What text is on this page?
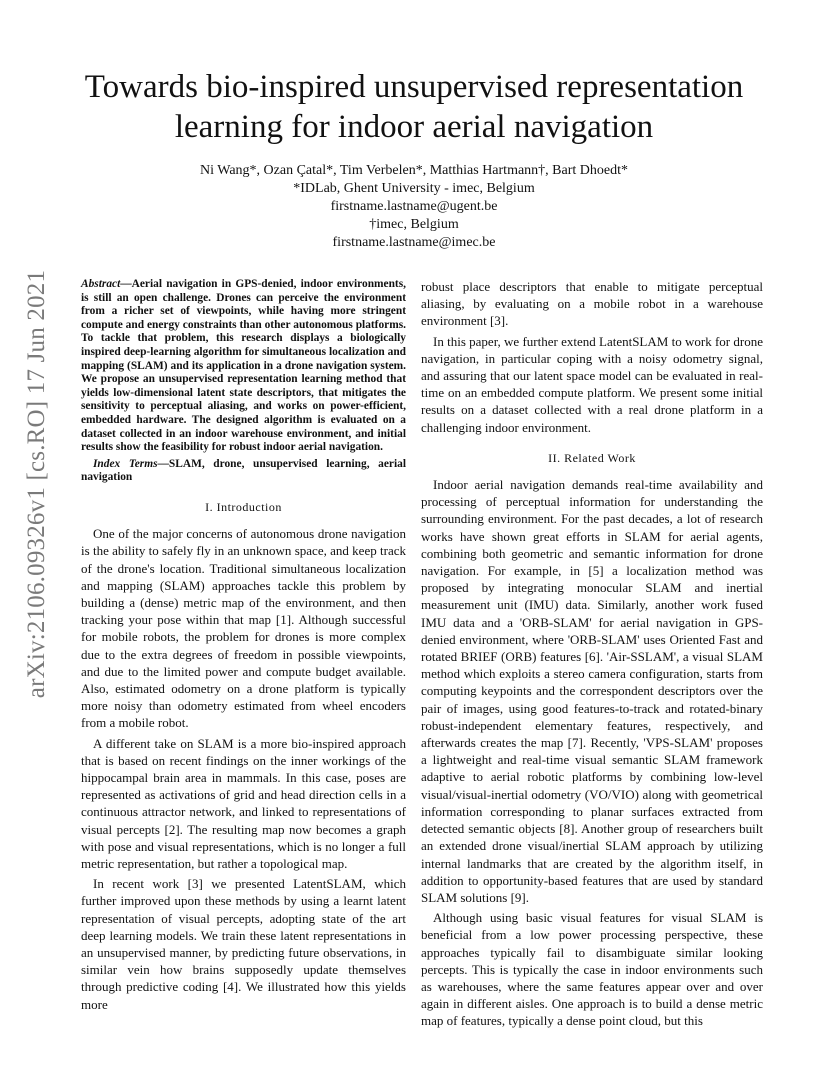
arXiv:2106.09326v1 [cs.RO] 17 Jun 2021
Towards bio-inspired unsupervised representation learning for indoor aerial navigation
Ni Wang*, Ozan Çatal*, Tim Verbelen*, Matthias Hartmann†, Bart Dhoedt*
*IDLab, Ghent University - imec, Belgium
firstname.lastname@ugent.be
†imec, Belgium
firstname.lastname@imec.be

Abstract—Aerial navigation in GPS-denied, indoor environments, is still an open challenge. Drones can perceive the environment from a richer set of viewpoints, while having more stringent compute and energy constraints than other autonomous platforms. To tackle that problem, this research displays a biologically inspired deep-learning algorithm for simultaneous localization and mapping (SLAM) and its application in a drone navigation system. We propose an unsupervised representation learning method that yields low-dimensional latent state descriptors, that mitigates the sensitivity to perceptual aliasing, and works on power-efficient, embedded hardware. The designed algorithm is evaluated on a dataset collected in an indoor warehouse environment, and initial results show the feasibility for robust indoor aerial navigation.

Index Terms—SLAM, drone, unsupervised learning, aerial navigation

I. Introduction

One of the major concerns of autonomous drone navigation is the ability to safely fly in an unknown space, and keep track of the drone's location. Traditional simultaneous localization and mapping (SLAM) approaches tackle this problem by building a (dense) metric map of the environment, and then tracking your pose within that map [1]. Although successful for mobile robots, the problem for drones is more complex due to the extra degrees of freedom in possible viewpoints, and due to the limited power and compute budget available. Also, estimated odometry on a drone platform is typically more noisy than odometry estimated from wheel encoders from a mobile robot.

A different take on SLAM is a more bio-inspired approach that is based on recent findings on the inner workings of the hippocampal brain area in mammals. In this case, poses are represented as activations of grid and head direction cells in a continuous attractor network, and linked to representations of visual percepts [2]. The resulting map now becomes a graph with pose and visual representations, which is no longer a full metric representation, but rather a topological map.

In recent work [3] we presented LatentSLAM, which further improved upon these methods by using a learnt latent representation of visual percepts, adopting state of the art deep learning models. We train these latent representations in an unsupervised manner, by predicting future observations, in similar vein how brains supposedly update themselves through predictive coding [4]. We illustrated how this yields more

robust place descriptors that enable to mitigate perceptual aliasing, by evaluating on a mobile robot in a warehouse environment [3].

In this paper, we further extend LatentSLAM to work for drone navigation, in particular coping with a noisy odometry signal, and assuring that our latent space model can be evaluated in real-time on an embedded compute platform. We present some initial results on a dataset collected with a real drone platform in a challenging indoor environment.

II. Related Work

Indoor aerial navigation demands real-time availability and processing of perceptual information for understanding the surrounding environment. For the past decades, a lot of research works have shown great efforts in SLAM for aerial agents, combining both geometric and semantic information for drone navigation. For example, in [5] a localization method was proposed by integrating monocular SLAM and inertial measurement unit (IMU) data. Similarly, another work fused IMU data and a 'ORB-SLAM' for aerial navigation in GPS-denied environment, where 'ORB-SLAM' uses Oriented Fast and rotated BRIEF (ORB) features [6]. 'Air-SSLAM', a visual SLAM method which exploits a stereo camera configuration, starts from computing keypoints and the correspondent descriptors over the pair of images, using good features-to-track and rotated-binary robust-independent elementary features, respectively, and afterwards creates the map [7]. Recently, 'VPS-SLAM' proposes a lightweight and real-time visual semantic SLAM framework adaptive to aerial robotic platforms by combining low-level visual/visual-inertial odometry (VO/VIO) along with geometrical information corresponding to planar surfaces extracted from detected semantic objects [8]. Another group of researchers built an extended drone visual/inertial SLAM approach by utilizing internal landmarks that are created by the algorithm itself, in addition to opportunity-based features that are used by standard SLAM solutions [9].

Although using basic visual features for visual SLAM is beneficial from a low power processing perspective, these approaches typically fail to disambiguate similar looking percepts. This is typically the case in indoor environments such as warehouses, where the same features appear over and over again in different aisles. One approach is to build a dense metric map of features, typically a dense point cloud, but this
